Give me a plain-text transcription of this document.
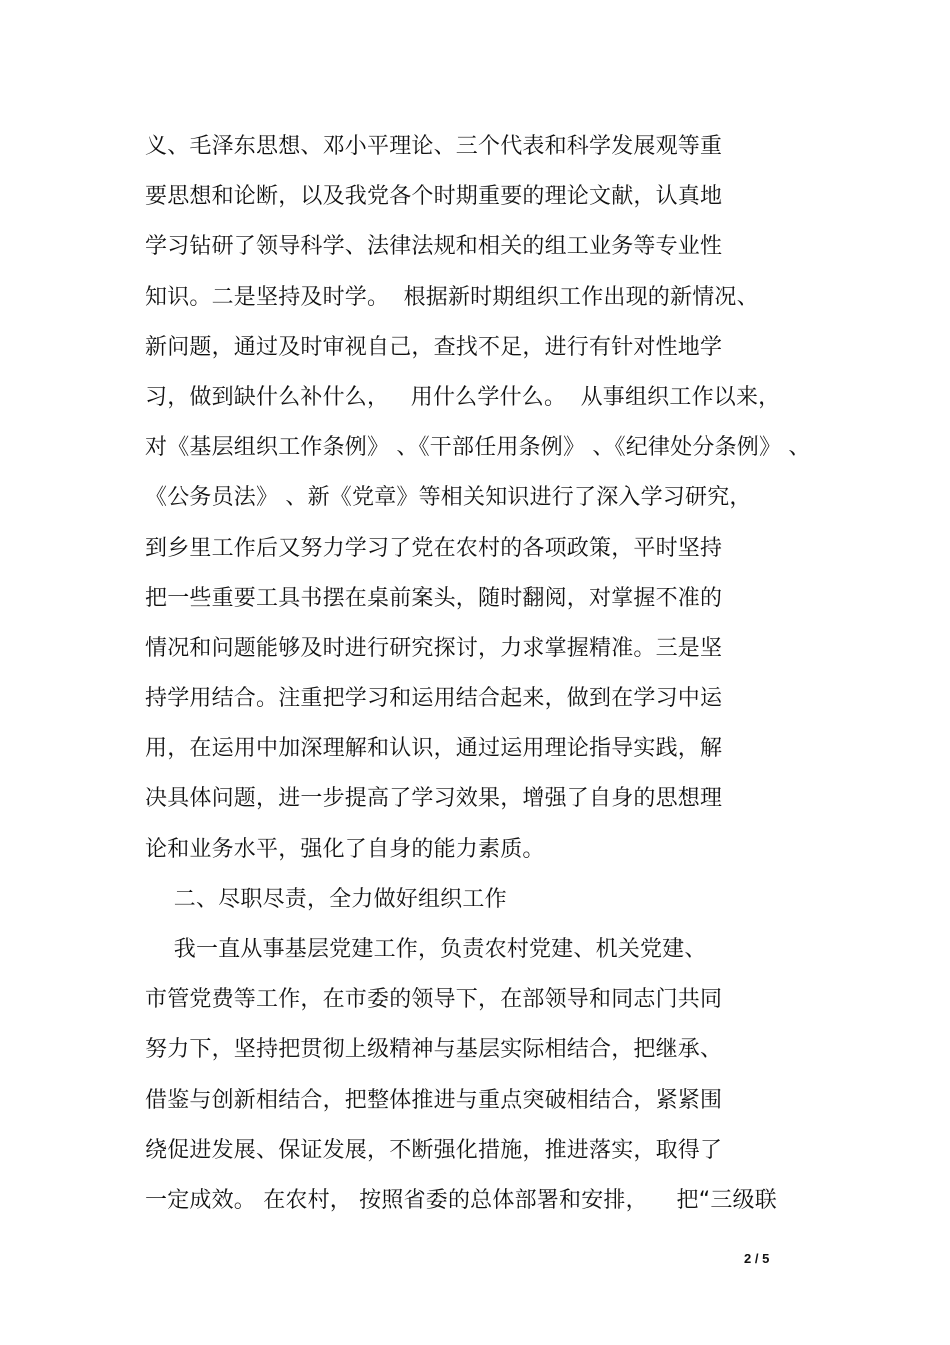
义、毛泽东思想、邓小平理论、三个代表和科学发展观等重
要思想和论断，以及我党各个时期重要的理论文献，认真地
学习钻研了领导科学、法律法规和相关的组工业务等专业性
知识。二是坚持及时学。  根据新时期组织工作出现的新情况、
新问题，通过及时审视自己，查找不足，进行有针对性地学
习，做到缺什么补什么，   用什么学什么。  从事组织工作以来，
对《基层组织工作条例》 、《干部任用条例》 、《纪律处分条例》 、
《公务员法》 、新《党章》等相关知识进行了深入学习研究，
到乡里工作后又努力学习了党在农村的各项政策，平时坚持
把一些重要工具书摆在桌前案头，随时翻阅，对掌握不准的
情况和问题能够及时进行研究探讨，力求掌握精准。三是坚
持学用结合。注重把学习和运用结合起来，做到在学习中运
用，在运用中加深理解和认识，通过运用理论指导实践，解
决具体问题，进一步提高了学习效果，增强了自身的思想理
论和业务水平，强化了自身的能力素质。
二、尽职尽责，全力做好组织工作
我一直从事基层党建工作，负责农村党建、机关党建、
市管党费等工作，在市委的领导下，在部领导和同志门共同
努力下，坚持把贯彻上级精神与基层实际相结合，把继承、
借鉴与创新相结合，把整体推进与重点突破相结合，紧紧围
绕促进发展、保证发展，不断强化措施，推进落实，取得了
一定成效。 在农村， 按照省委的总体部署和安排，    把“三级联
2 / 5
